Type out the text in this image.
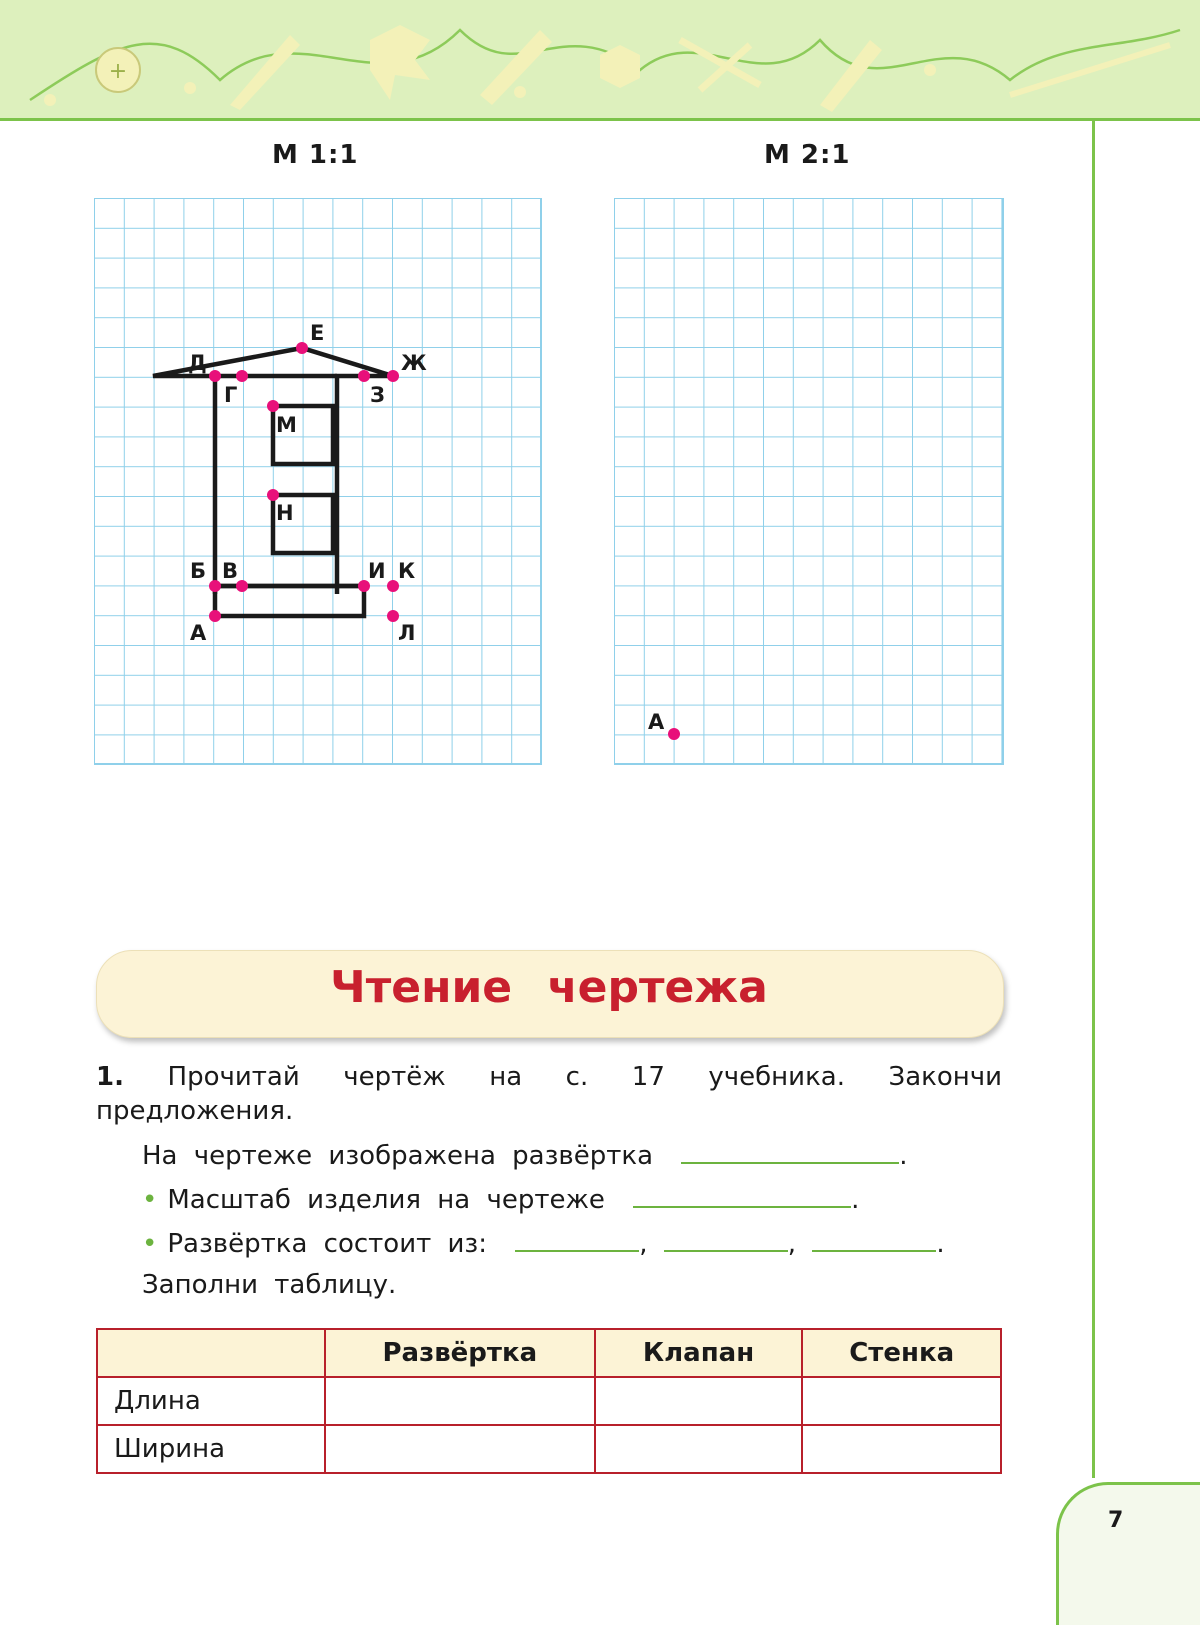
+
М 1:1	М 2:1
Е
Д	Ж
Г	З
М
Н
Б В	И К
А	Л
А
Чтение чертежа
1. Прочитай чертёж на с. 17 учебника. Закончи
предложения.
На чертеже изображена развёртка	.
• Масштаб изделия на чертеже	.
• Развёртка состоит из:	,	,	.
Заполни таблицу.
	Развёртка	Клапан	Стенка
Длина			
Ширина			
7
